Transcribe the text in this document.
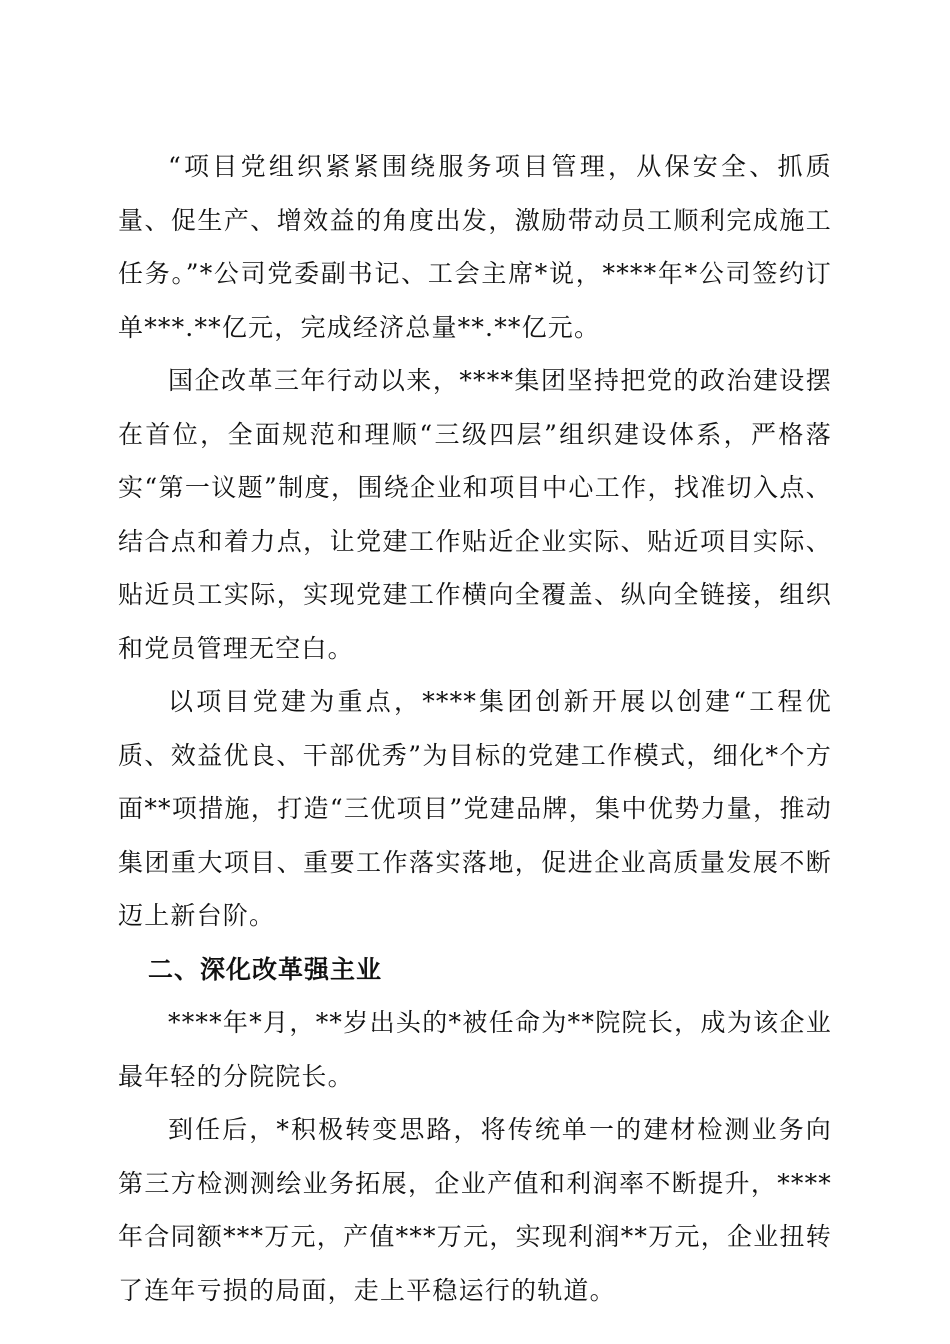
“项目党组织紧紧围绕服务项目管理，从保安全、抓质量、促生产、增效益的角度出发，激励带动员工顺利完成施工任务。”*公司党委副书记、工会主席*说，****年*公司签约订单***.**亿元，完成经济总量**.**亿元。

国企改革三年行动以来，****集团坚持把党的政治建设摆在首位，全面规范和理顺“三级四层”组织建设体系，严格落实“第一议题”制度，围绕企业和项目中心工作，找准切入点、结合点和着力点，让党建工作贴近企业实际、贴近项目实际、贴近员工实际，实现党建工作横向全覆盖、纵向全链接，组织和党员管理无空白。

以项目党建为重点，****集团创新开展以创建“工程优质、效益优良、干部优秀”为目标的党建工作模式，细化*个方面**项措施，打造“三优项目”党建品牌，集中优势力量，推动集团重大项目、重要工作落实落地，促进企业高质量发展不断迈上新台阶。

二、深化改革强主业

****年*月，**岁出头的*被任命为**院院长，成为该企业最年轻的分院院长。

到任后，*积极转变思路，将传统单一的建材检测业务向第三方检测测绘业务拓展，企业产值和利润率不断提升，****年合同额***万元，产值***万元，实现利润**万元，企业扭转了连年亏损的局面，走上平稳运行的轨道。
